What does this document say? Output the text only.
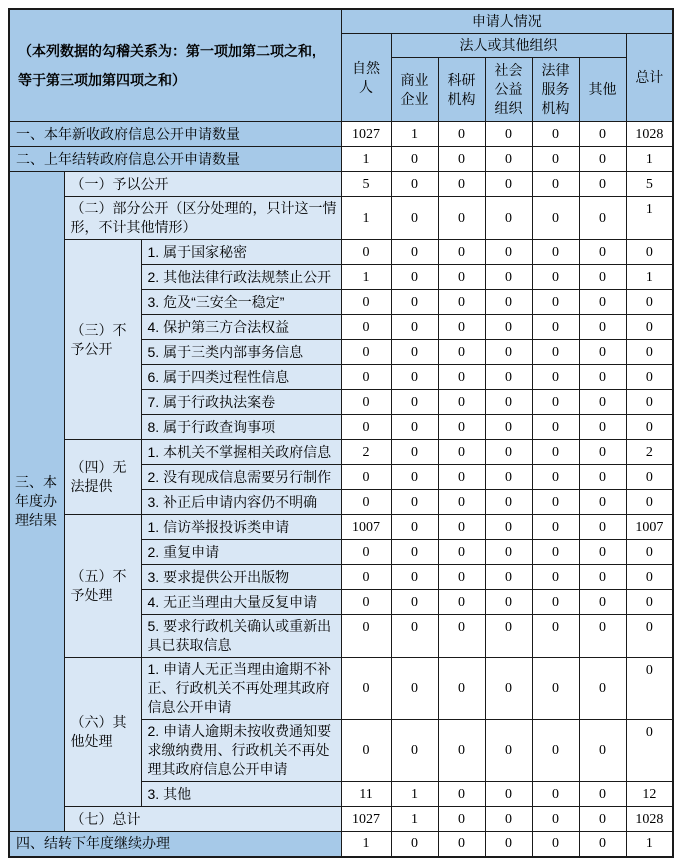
（本列数据的勾稽关系为：第一项加第二项之和, 等于第三项加第四项之和）			申请人情况						
			自然人	法人或其他组织					总计
				商业企业	科研机构	社会公益组织	法律服务机构	其他	
一、本年新收政府信息公开申请数量			1027	1	0	0	0	0	1028
二、上年结转政府信息公开申请数量			1	0	0	0	0	0	1
三、本年度办理结果	（一）予以公开		5	0	0	0	0	0	5
	（二）部分公开（区分处理的，只计这一情形，不计其他情形）		1	0	0	0	0	0	1
	（三）不予公开	1. 属于国家秘密	0	0	0	0	0	0	0
		2. 其他法律行政法规禁止公开	1	0	0	0	0	0	1
		3. 危及“三安全一稳定”	0	0	0	0	0	0	0
		4. 保护第三方合法权益	0	0	0	0	0	0	0
		5. 属于三类内部事务信息	0	0	0	0	0	0	0
		6. 属于四类过程性信息	0	0	0	0	0	0	0
		7. 属于行政执法案卷	0	0	0	0	0	0	0
		8. 属于行政查询事项	0	0	0	0	0	0	0
	（四）无法提供	1. 本机关不掌握相关政府信息	2	0	0	0	0	0	2
		2. 没有现成信息需要另行制作	0	0	0	0	0	0	0
		3. 补正后申请内容仍不明确	0	0	0	0	0	0	0
	（五）不予处理	1. 信访举报投诉类申请	1007	0	0	0	0	0	1007
		2. 重复申请	0	0	0	0	0	0	0
		3. 要求提供公开出版物	0	0	0	0	0	0	0
		4. 无正当理由大量反复申请	0	0	0	0	0	0	0
		5. 要求行政机关确认或重新出具已获取信息	0	0	0	0	0	0	0
	（六）其他处理	1. 申请人无正当理由逾期不补正、行政机关不再处理其政府信息公开申请	0	0	0	0	0	0	0
		2. 申请人逾期未按收费通知要求缴纳费用、行政机关不再处理其政府信息公开申请	0	0	0	0	0	0	0
		3. 其他	11	1	0	0	0	0	12
	（七）总计		1027	1	0	0	0	0	1028
四、结转下年度继续办理			1	0	0	0	0	0	1
